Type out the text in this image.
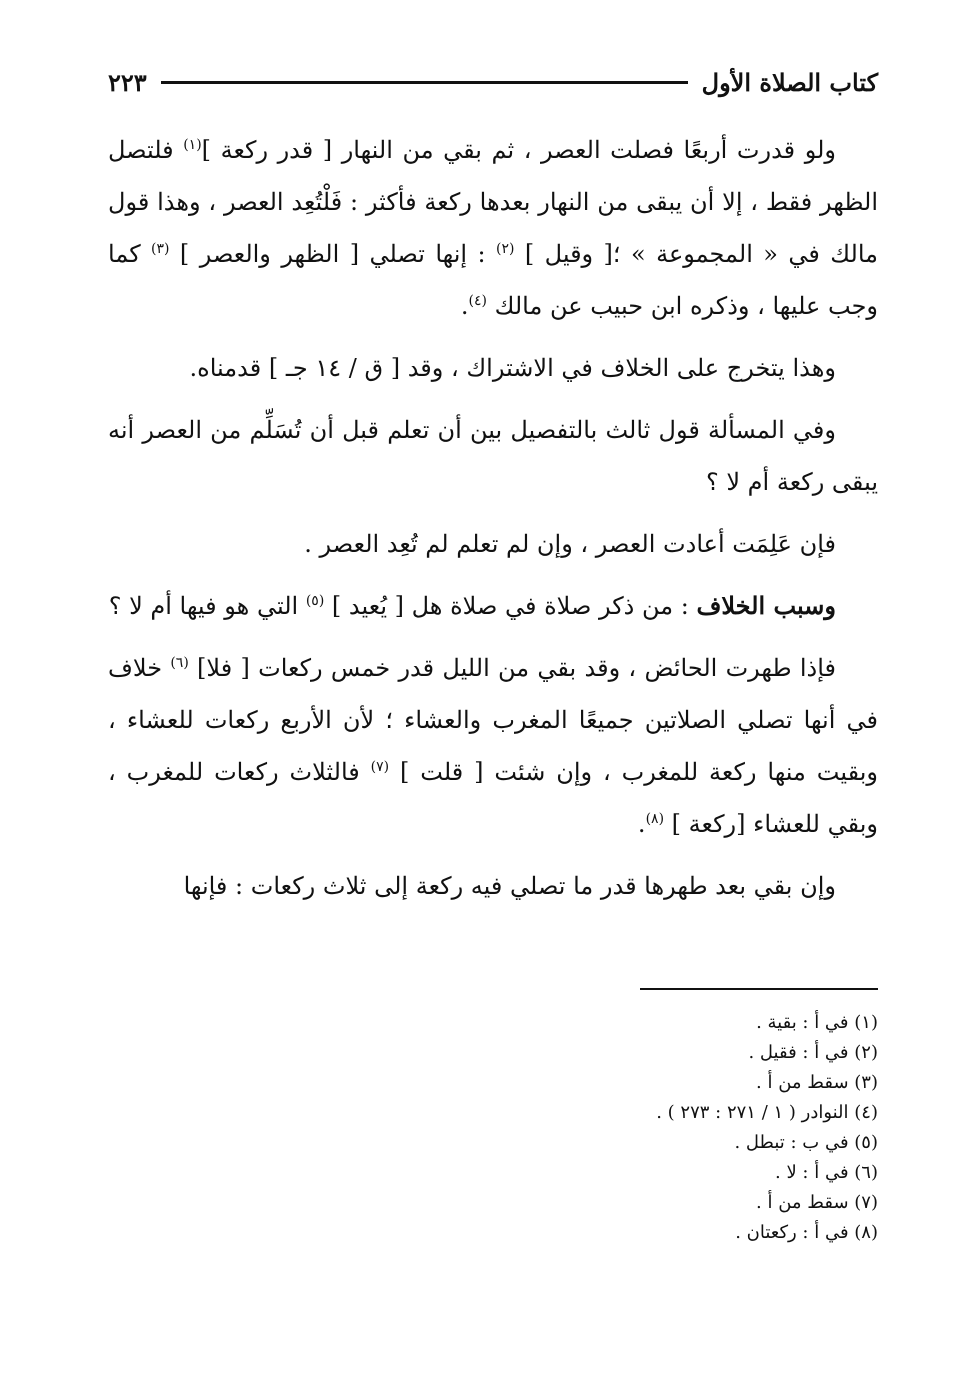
كتاب الصلاة الأول
٢٢٣

ولو قدرت أربعًا فصلت العصر ، ثم بقي من النهار [ قدر ركعة ]$^{(١)}$ فلتصل الظهر فقط ، إلا أن يبقى من النهار بعدها ركعة فأكثر : فَلْتُعِد العصر ، وهذا قول مالك في « المجموعة » ؛[ وقيل ] $^{(٢)}$ : إنها تصلي [ الظهر والعصر ] $^{(٣)}$ كما وجب عليها ، وذكره ابن حبيب عن مالك $^{(٤)}$.

وهذا يتخرج على الخلاف في الاشتراك ، وقد [ ق / ١٤ جـ ] قدمناه.

وفي المسألة قول ثالث بالتفصيل بين أن تعلم قبل أن تُسَلِّم من العصر أنه يبقى ركعة أم لا ؟

فإن عَلِمَت أعادت العصر ، وإن لم تعلم لم تُعِد العصر .

وسبب الخلاف : من ذكر صلاة في صلاة هل [ يُعيد ] $^{(٥)}$ التي هو فيها أم لا ؟

فإذا طهرت الحائض ، وقد بقي من الليل قدر خمس ركعات [ فلا] $^{(٦)}$ خلاف في أنها تصلي الصلاتين جميعًا المغرب والعشاء ؛ لأن الأربع ركعات للعشاء ، وبقيت منها ركعة للمغرب ، وإن شئت [ قلت ] $^{(٧)}$ فالثلاث ركعات للمغرب ، وبقي للعشاء [ركعة ] $^{(٨)}$.

وإن بقي بعد طهرها قدر ما تصلي فيه ركعة إلى ثلاث ركعات : فإنها

(١) في أ : بقية .
(٢) في أ : فقيل .
(٣) سقط من أ .
(٤) النوادر ( ١ / ٢٧١ : ٢٧٣ ) .
(٥) في ب : تبطل .
(٦) في أ : لا .
(٧) سقط من أ .
(٨) في أ : ركعتان .
